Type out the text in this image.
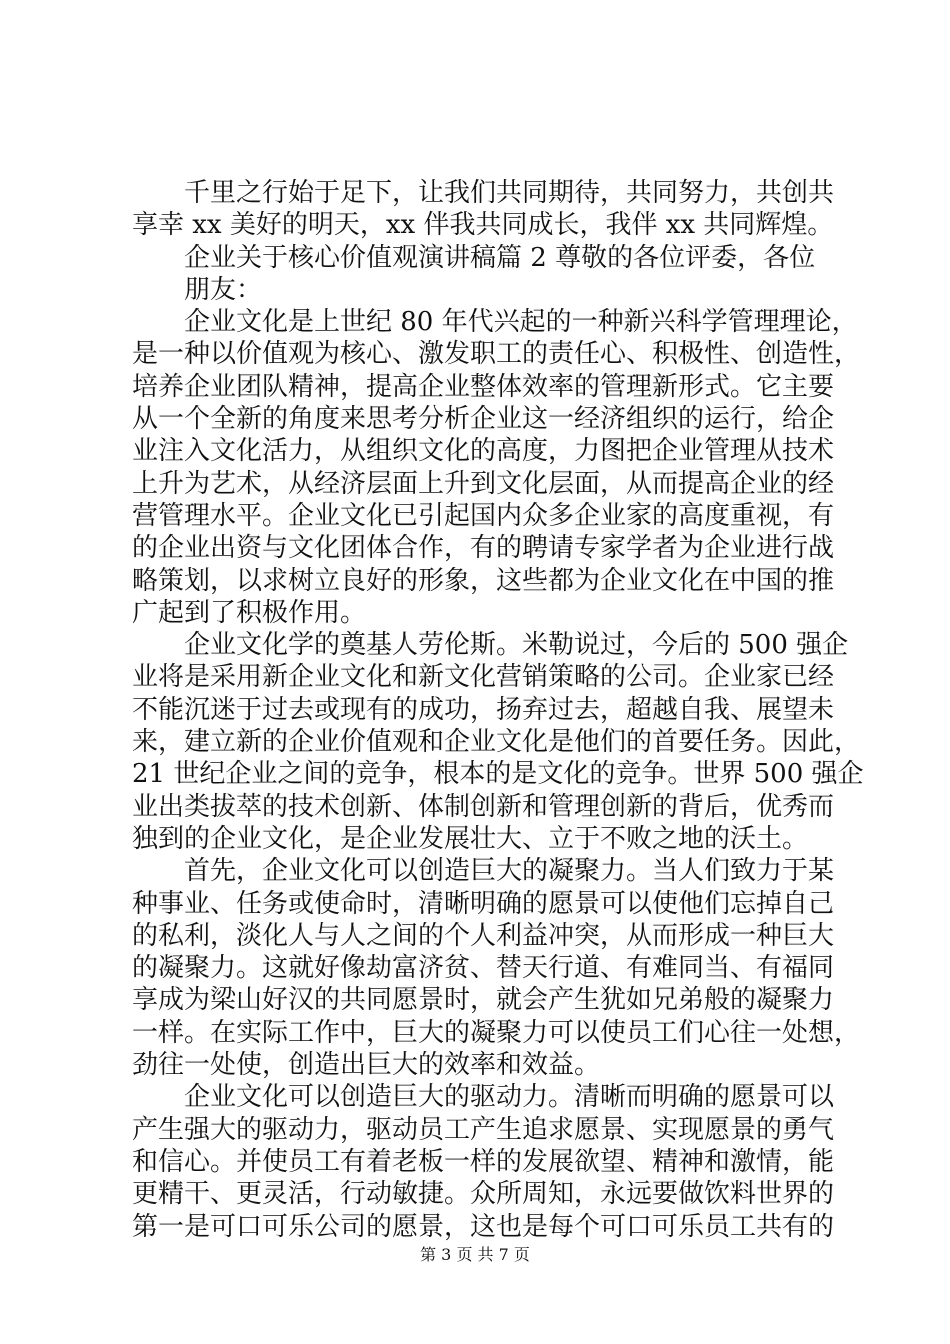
千里之行始于足下，让我们共同期待，共同努力，共创共
享幸 xx 美好的明天，xx 伴我共同成长，我伴 xx 共同辉煌。
企业关于核心价值观演讲稿篇 2 尊敬的各位评委，各位
朋友：
企业文化是上世纪 80 年代兴起的一种新兴科学管理理论，
是一种以价值观为核心、激发职工的责任心、积极性、创造性，
培养企业团队精神，提高企业整体效率的管理新形式。它主要
从一个全新的角度来思考分析企业这一经济组织的运行，给企
业注入文化活力，从组织文化的高度，力图把企业管理从技术
上升为艺术，从经济层面上升到文化层面，从而提高企业的经
营管理水平。企业文化已引起国内众多企业家的高度重视，有
的企业出资与文化团体合作，有的聘请专家学者为企业进行战
略策划，以求树立良好的形象，这些都为企业文化在中国的推
广起到了积极作用。
企业文化学的奠基人劳伦斯。米勒说过，今后的 500 强企
业将是采用新企业文化和新文化营销策略的公司。企业家已经
不能沉迷于过去或现有的成功，扬弃过去，超越自我、展望未
来，建立新的企业价值观和企业文化是他们的首要任务。因此，
21 世纪企业之间的竞争，根本的是文化的竞争。世界 500 强企
业出类拔萃的技术创新、体制创新和管理创新的背后，优秀而
独到的企业文化，是企业发展壮大、立于不败之地的沃土。
首先，企业文化可以创造巨大的凝聚力。当人们致力于某
种事业、任务或使命时，清晰明确的愿景可以使他们忘掉自己
的私利，淡化人与人之间的个人利益冲突，从而形成一种巨大
的凝聚力。这就好像劫富济贫、替天行道、有难同当、有福同
享成为梁山好汉的共同愿景时，就会产生犹如兄弟般的凝聚力
一样。在实际工作中，巨大的凝聚力可以使员工们心往一处想，
劲往一处使，创造出巨大的效率和效益。
企业文化可以创造巨大的驱动力。清晰而明确的愿景可以
产生强大的驱动力，驱动员工产生追求愿景、实现愿景的勇气
和信心。并使员工有着老板一样的发展欲望、精神和激情，能
更精干、更灵活，行动敏捷。众所周知，永远要做饮料世界的
第一是可口可乐公司的愿景，这也是每个可口可乐员工共有的
第 3 页 共 7 页
